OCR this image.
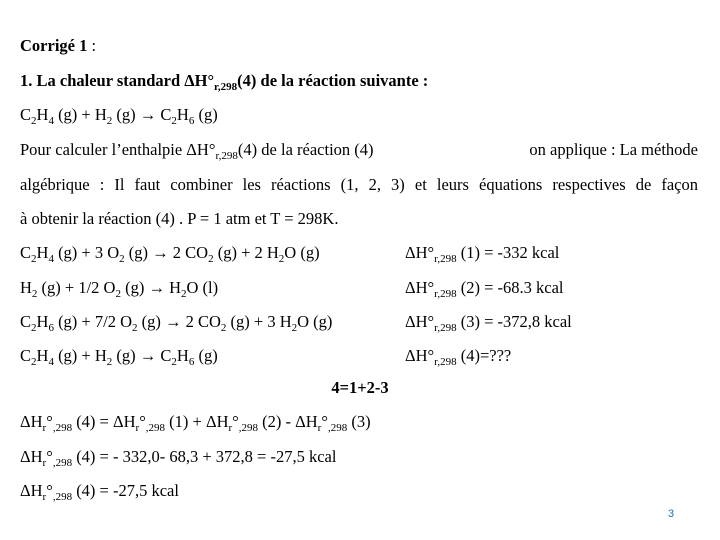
Corrigé 1 :
1. La chaleur standard $\Delta H^\circ_{r,298}(4)$ de la réaction suivante :
$C_2H_4$ $(g) + H_2$ $(g) \to C_2H_6$ (g)
Pour calculer l’enthalpie $\Delta H^\circ_{r,298}(4)$ de la réaction (4)	on applique : La méthode
algébrique : Il faut combiner les réactions (1, 2, 3) et leurs équations respectives de façon
à obtenir la réaction (4) . P = 1 atm et T = 298K.
$C_2H_4$ (g) + 3 $O_2$ (g) → 2 $CO_2$ (g) + 2 $H_2O$ (g)	$\Delta H^\circ_{r,298}$ (1) = -332 kcal
$H_2$ (g) + 1/2 $O_2$ $(g) \to H_2O$ (l)	$\Delta H^\circ_{r,298}$ (2) = -68.3 kcal
$C_2H_6$ (g) + 7/2 $O_2$ (g) → 2 $CO_2$ (g) + 3 $H_2O$ (g)	$\Delta H^\circ_{r,298}$ (3) = -372,8 kcal
$C_2H_4$ $(g) + H_2$ $(g) \to C_2H_6$ (g)	$\Delta H^\circ_{r,298}$ (4)=???
4=1+2-3
$\Delta H_r^\circ_{,298}$ $(4) = \Delta H_r^\circ_{,298}$ $(1) + \Delta H_r^\circ_{,298}$ $(2) - \Delta H_r^\circ_{,298}$ (3)
$\Delta H_r^\circ_{,298}$ (4) = - 332,0- 68,3 + 372,8 = -27,5 kcal
$\Delta H_r^\circ_{,298}$ (4) = -27,5 kcal
3
